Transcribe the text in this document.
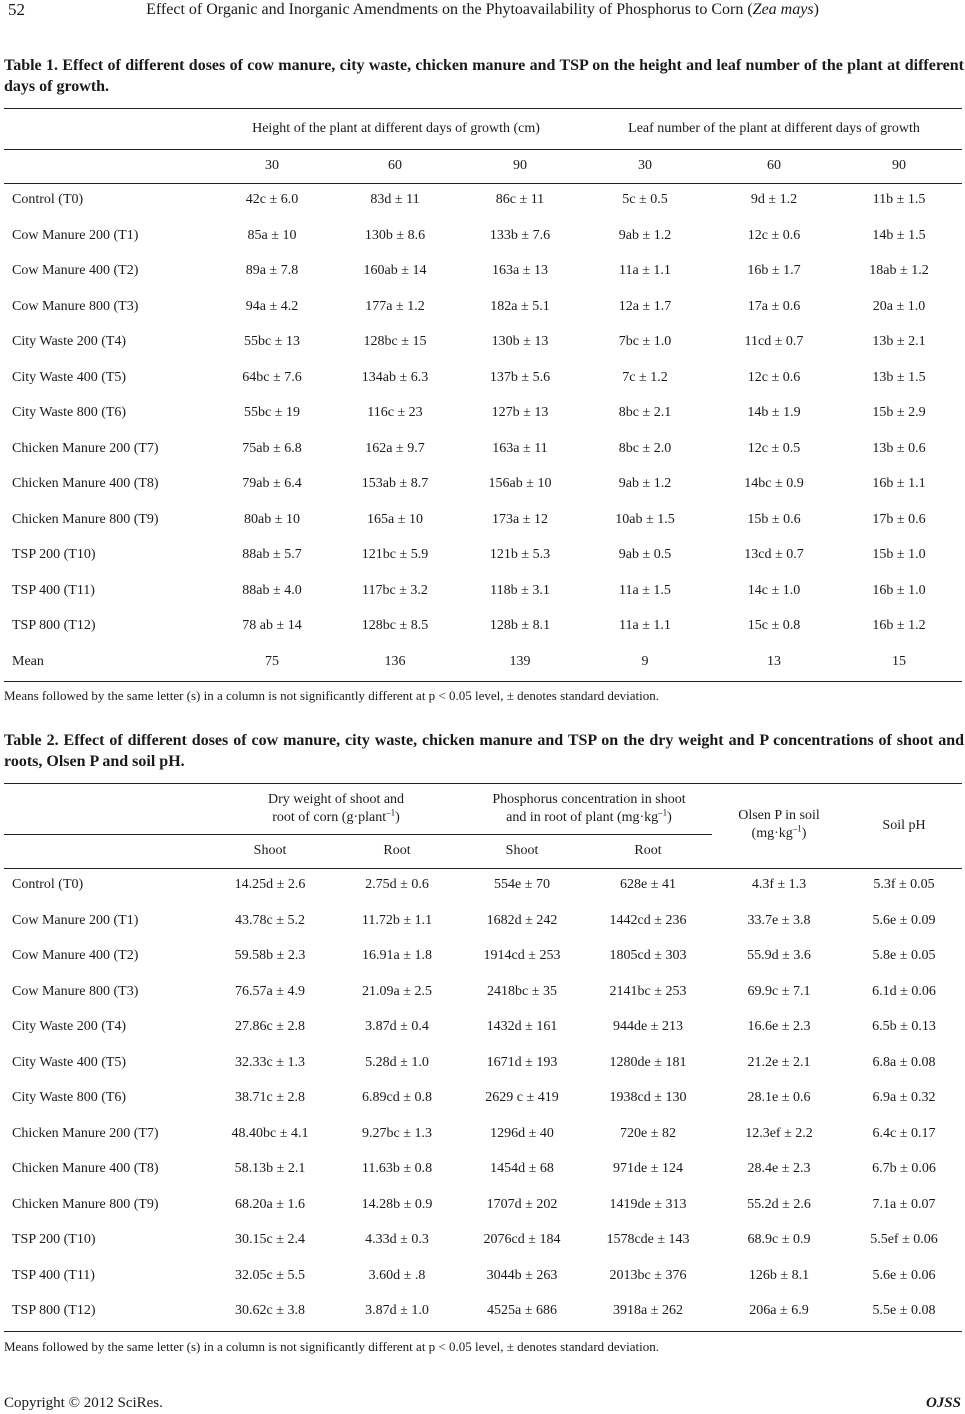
52	Effect of Organic and Inorganic Amendments on the Phytoavailability of Phosphorus to Corn (Zea mays)
Table 1. Effect of different doses of cow manure, city waste, chicken manure and TSP on the height and leaf number of the plant at different days of growth.
Height of the plant at different days of growth (cm)	Leaf number of the plant at different days of growth
30	60	90	30	60	90
Control (T0)	42c ± 6.0	83d ± 11	86c ± 11	5c ± 0.5	9d ± 1.2	11b ± 1.5
Cow Manure 200 (T1)	85a ± 10	130b ± 8.6	133b ± 7.6	9ab ± 1.2	12c ± 0.6	14b ± 1.5
Cow Manure 400 (T2)	89a ± 7.8	160ab ± 14	163a ± 13	11a ± 1.1	16b ± 1.7	18ab ± 1.2
Cow Manure 800 (T3)	94a ± 4.2	177a ± 1.2	182a ± 5.1	12a ± 1.7	17a ± 0.6	20a ± 1.0
City Waste 200 (T4)	55bc ± 13	128bc ± 15	130b ± 13	7bc ± 1.0	11cd ± 0.7	13b ± 2.1
City Waste 400 (T5)	64bc ± 7.6	134ab ± 6.3	137b ± 5.6	7c ± 1.2	12c ± 0.6	13b ± 1.5
City Waste 800 (T6)	55bc ± 19	116c ± 23	127b ± 13	8bc ± 2.1	14b ± 1.9	15b ± 2.9
Chicken Manure 200 (T7)	75ab ± 6.8	162a ± 9.7	163a ± 11	8bc ± 2.0	12c ± 0.5	13b ± 0.6
Chicken Manure 400 (T8)	79ab ± 6.4	153ab ± 8.7	156ab ± 10	9ab ± 1.2	14bc ± 0.9	16b ± 1.1
Chicken Manure 800 (T9)	80ab ± 10	165a ± 10	173a ± 12	10ab ± 1.5	15b ± 0.6	17b ± 0.6
TSP 200 (T10)	88ab ± 5.7	121bc ± 5.9	121b ± 5.3	9ab ± 0.5	13cd ± 0.7	15b ± 1.0
TSP 400 (T11)	88ab ± 4.0	117bc ± 3.2	118b ± 3.1	11a ± 1.5	14c ± 1.0	16b ± 1.0
TSP 800 (T12)	78 ab ± 14	128bc ± 8.5	128b ± 8.1	11a ± 1.1	15c ± 0.8	16b ± 1.2
Mean	75	136	139	9	13	15
Means followed by the same letter (s) in a column is not significantly different at p < 0.05 level, ± denotes standard deviation.
Table 2. Effect of different doses of cow manure, city waste, chicken manure and TSP on the dry weight and P concentrations of shoot and roots, Olsen P and soil pH.
Dry weight of shoot and
root of corn (g·plant$^{-1}$)
Phosphorus concentration in shoot
and in root of plant $(mg\cdot kg^{-1})$	Olsen P in soil
$(mg\cdot kg^{-1})$
Soil pH
Shoot	Root	Shoot	Root
Control (T0)	14.25d ± 2.6	2.75d ± 0.6	554e ± 70	628e ± 41	4.3f ± 1.3	5.3f ± 0.05
Cow Manure 200 (T1)	43.78c ± 5.2	11.72b ± 1.1	1682d ± 242	1442cd ± 236	33.7e ± 3.8	5.6e ± 0.09
Cow Manure 400 (T2)	59.58b ± 2.3	16.91a ± 1.8	1914cd ± 253	1805cd ± 303	55.9d ± 3.6	5.8e ± 0.05
Cow Manure 800 (T3)	76.57a ± 4.9	21.09a ± 2.5	2418bc ± 35	2141bc ± 253	69.9c ± 7.1	6.1d ± 0.06
City Waste 200 (T4)	27.86c ± 2.8	3.87d ± 0.4	1432d ± 161	944de ± 213	16.6e ± 2.3	6.5b ± 0.13
City Waste 400 (T5)	32.33c ± 1.3	5.28d ± 1.0	1671d ± 193	1280de ± 181	21.2e ± 2.1	6.8a ± 0.08
City Waste 800 (T6)	38.71c ± 2.8	6.89cd ± 0.8	2629 c ± 419	1938cd ± 130	28.1e ± 0.6	6.9a ± 0.32
Chicken Manure 200 (T7)	48.40bc ± 4.1	9.27bc ± 1.3	1296d ± 40	720e ± 82	12.3ef ± 2.2	6.4c ± 0.17
Chicken Manure 400 (T8)	58.13b ± 2.1	11.63b ± 0.8	1454d ± 68	971de ± 124	28.4e ± 2.3	6.7b ± 0.06
Chicken Manure 800 (T9)	68.20a ± 1.6	14.28b ± 0.9	1707d ± 202	1419de ± 313	55.2d ± 2.6	7.1a ± 0.07
TSP 200 (T10)	30.15c ± 2.4	4.33d ± 0.3	2076cd ± 184	1578cde ± 143	68.9c ± 0.9	5.5ef ± 0.06
TSP 400 (T11)	32.05c ± 5.5	3.60d ± .8	3044b ± 263	2013bc ± 376	126b ± 8.1	5.6e ± 0.06
TSP 800 (T12)	30.62c ± 3.8	3.87d ± 1.0	4525a ± 686	3918a ± 262	206a ± 6.9	5.5e ± 0.08
Means followed by the same letter (s) in a column is not significantly different at p < 0.05 level, ± denotes standard deviation.
Copyright © 2012 SciRes.	OJSS
